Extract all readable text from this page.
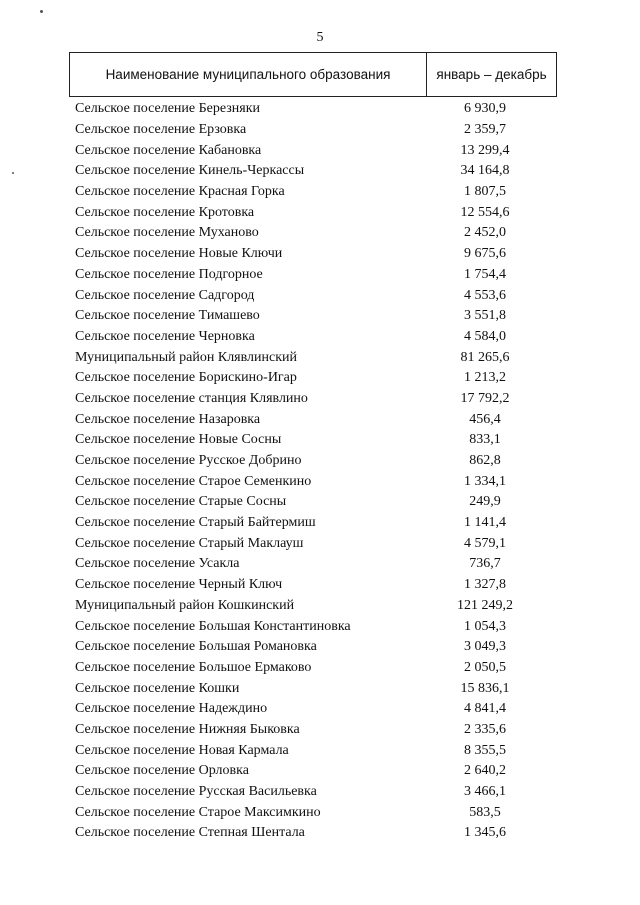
5
Наименование муниципального образования	январь – декабрь
Сельское поселение Березняки	6 930,9
Сельское поселение Ерзовка	2 359,7
Сельское поселение Кабановка	13 299,4
Сельское поселение Кинель-Черкассы	34 164,8
Сельское поселение Красная Горка	1 807,5
Сельское поселение Кротовка	12 554,6
Сельское поселение Муханово	2 452,0
Сельское поселение Новые Ключи	9 675,6
Сельское поселение Подгорное	1 754,4
Сельское поселение Садгород	4 553,6
Сельское поселение Тимашево	3 551,8
Сельское поселение Черновка	4 584,0
Муниципальный район Клявлинский	81 265,6
Сельское поселение Борискино-Игар	1 213,2
Сельское поселение станция Клявлино	17 792,2
Сельское поселение Назаровка	456,4
Сельское поселение Новые Сосны	833,1
Сельское поселение Русское Добрино	862,8
Сельское поселение Старое Семенкино	1 334,1
Сельское поселение Старые Сосны	249,9
Сельское поселение Старый Байтермиш	1 141,4
Сельское поселение Старый Маклауш	4 579,1
Сельское поселение Усакла	736,7
Сельское поселение Черный Ключ	1 327,8
Муниципальный район Кошкинский	121 249,2
Сельское поселение Большая Константиновка	1 054,3
Сельское поселение Большая Романовка	3 049,3
Сельское поселение Большое Ермаково	2 050,5
Сельское поселение Кошки	15 836,1
Сельское поселение Надеждино	4 841,4
Сельское поселение Нижняя Быковка	2 335,6
Сельское поселение Новая Кармала	8 355,5
Сельское поселение Орловка	2 640,2
Сельское поселение Русская Васильевка	3 466,1
Сельское поселение Старое Максимкино	583,5
Сельское поселение Степная Шентала	1 345,6
